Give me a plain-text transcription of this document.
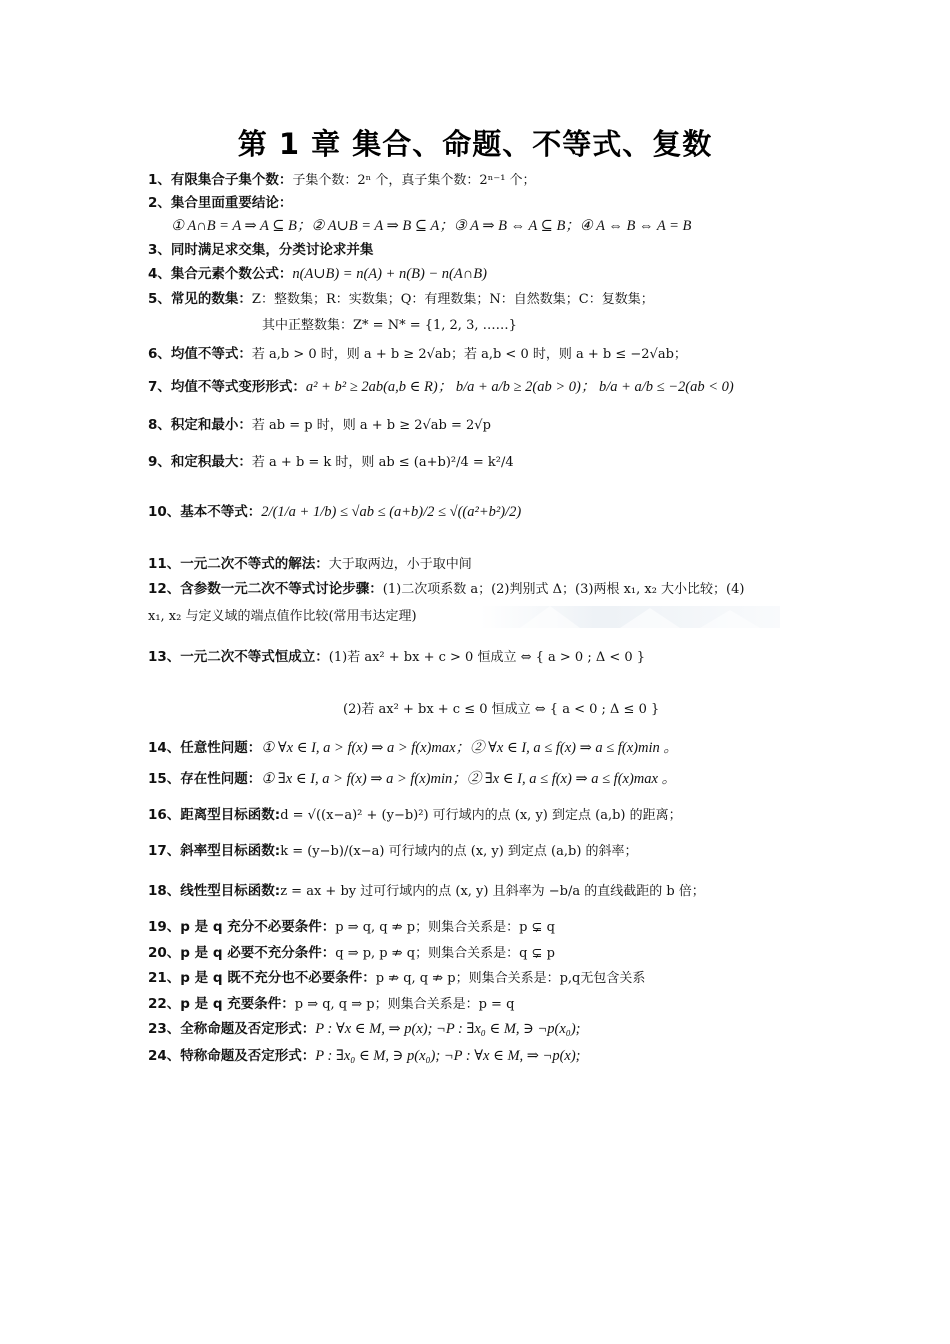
第 1 章 集合、命题、不等式、复数
1、有限集合子集个数：子集个数：2ⁿ 个，真子集个数：2ⁿ⁻¹ 个；
2、集合里面重要结论：
① A∩B = A ⇒ A ⊆ B；② A∪B = A ⇒ B ⊆ A；③ A ⇒ B ⇔ A ⊆ B；④ A ⇔ B ⇔ A = B
3、同时满足求交集，分类讨论求并集
4、集合元素个数公式：n(A∪B) = n(A) + n(B) − n(A∩B)
5、常见的数集：Z：整数集；R：实数集；Q：有理数集；N：自然数集；C：复数集；
其中正整数集：Z* = N* = {1, 2, 3, ……}
6、均值不等式：若 a,b > 0 时，则 a + b ≥ 2√ab；若 a,b < 0 时，则 a + b ≤ −2√ab；
7、均值不等式变形形式：a² + b² ≥ 2ab(a,b ∈ R)； b/a + a/b ≥ 2(ab > 0)； b/a + a/b ≤ −2(ab < 0)
8、积定和最小：若 ab = p 时，则 a + b ≥ 2√ab = 2√p
9、和定积最大：若 a + b = k 时，则 ab ≤ (a+b)²/4 = k²/4
10、基本不等式：2/(1/a + 1/b) ≤ √ab ≤ (a+b)/2 ≤ √((a²+b²)/2)
11、一元二次不等式的解法：大于取两边，小于取中间
12、含参数一元二次不等式讨论步骤：(1)二次项系数 a；(2)判别式 Δ；(3)两根 x₁, x₂ 大小比较；(4)
x₁, x₂ 与定义域的端点值作比较(常用韦达定理)
13、一元二次不等式恒成立：(1)若 ax² + bx + c > 0 恒成立 ⇔ { a > 0 ; Δ < 0 }
(2)若 ax² + bx + c ≤ 0 恒成立 ⇔ { a < 0 ; Δ ≤ 0 }
14、任意性问题：① ∀x ∈ I, a > f(x) ⇒ a > f(x)max；② ∀x ∈ I, a ≤ f(x) ⇒ a ≤ f(x)min 。
15、存在性问题：① ∃x ∈ I, a > f(x) ⇒ a > f(x)min；② ∃x ∈ I, a ≤ f(x) ⇒ a ≤ f(x)max 。
16、距离型目标函数:d = √((x−a)² + (y−b)²) 可行域内的点 (x, y) 到定点 (a,b) 的距离；
17、斜率型目标函数:k = (y−b)/(x−a) 可行域内的点 (x, y) 到定点 (a,b) 的斜率；
18、线性型目标函数:z = ax + by 过可行域内的点 (x, y) 且斜率为 −b/a 的直线截距的 b 倍；
19、p 是 q 充分不必要条件：p ⇒ q, q ⇏ p；则集合关系是：p ⊊ q
20、p 是 q 必要不充分条件：q ⇒ p, p ⇏ q；则集合关系是：q ⊊ p
21、p 是 q 既不充分也不必要条件：p ⇏ q, q ⇏ p；则集合关系是：p,q无包含关系
22、p 是 q 充要条件：p ⇒ q, q ⇒ p；则集合关系是：p = q
23、全称命题及否定形式：P : ∀x ∈ M, ⇒ p(x); ¬P : ∃x₀ ∈ M, ∋ ¬p(x₀);
24、特称命题及否定形式：P : ∃x₀ ∈ M, ∋ p(x₀); ¬P : ∀x ∈ M, ⇒ ¬p(x);
